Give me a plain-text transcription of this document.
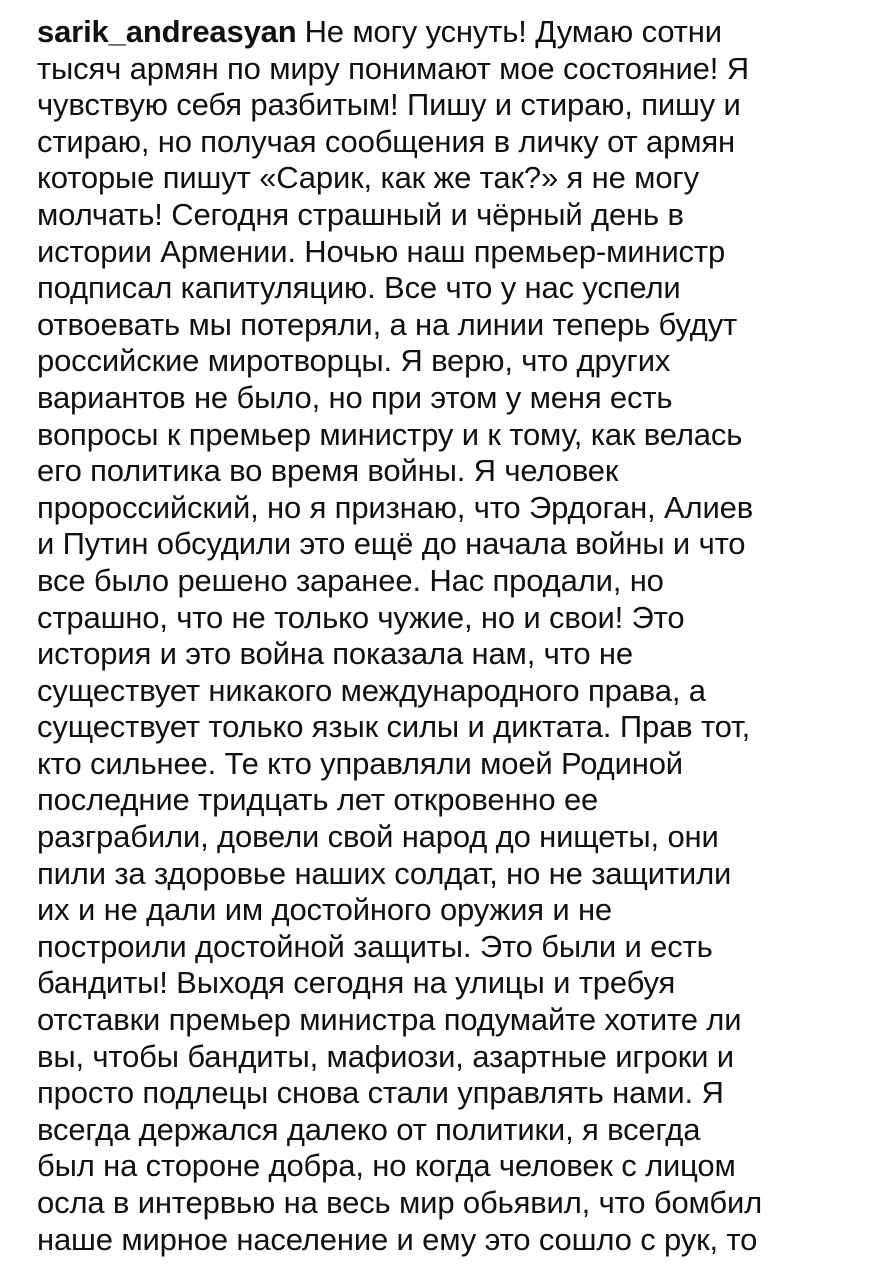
sarik_andreasyan Не могу уснуть! Думаю сотни
тысяч армян по миру понимают мое состояние! Я
чувствую себя разбитым! Пишу и стираю, пишу и
стираю, но получая сообщения в личку от армян
которые пишут «Сарик, как же так?» я не могу
молчать! Сегодня страшный и чёрный день в
истории Армении. Ночью наш премьер-министр
подписал капитуляцию. Все что у нас успели
отвоевать мы потеряли, а на линии теперь будут
российские миротворцы. Я верю, что других
вариантов не было, но при этом у меня есть
вопросы к премьер министру и к тому, как велась
его политика во время войны. Я человек
пророссийский, но я признаю, что Эрдоган, Алиев
и Путин обсудили это ещё до начала войны и что
все было решено заранее. Нас продали, но
страшно, что не только чужие, но и свои! Это
история и это война показала нам, что не
существует никакого международного права, а
существует только язык силы и диктата. Прав тот,
кто сильнее. Те кто управляли моей Родиной
последние тридцать лет откровенно ее
разграбили, довели свой народ до нищеты, они
пили за здоровье наших солдат, но не защитили
их и не дали им достойного оружия и не
построили достойной защиты. Это были и есть
бандиты! Выходя сегодня на улицы и требуя
отставки премьер министра подумайте хотите ли
вы, чтобы бандиты, мафиози, азартные игроки и
просто подлецы снова стали управлять нами. Я
всегда держался далеко от политики, я всегда
был на стороне добра, но когда человек с лицом
осла в интервью на весь мир обьявил, что бомбил
наше мирное население и ему это сошло с рук, то
